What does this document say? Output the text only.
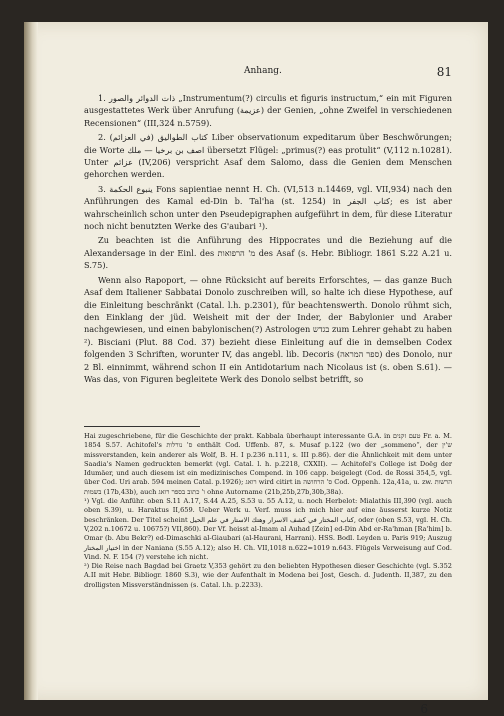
Anhang.	81

1. ذات الدوائر والصور „Instrumentum(?) circulis et figuris instructum,“ ein mit Figuren ausgestattetes Werk über Anrufung (عزيمة) der Genien, „ohne Zweifel in verschiedenen Recensionen“ (III,324 n.5759).

2. كتاب الطواليق (في العزائم) Liber observationum expeditarum über Beschwörungen; die Worte اصف بن برخيا — ملك übersetzt Flügel: „primus(?) eas protulit“ (V,112 n.10281). Unter عزائم (IV,206) verspricht Asaf dem Salomo, dass die Genien dem Menschen gehorchen werden.

3. ينبوع الحكمة Fons sapientiae nennt H. Ch. (VI,513 n.14469, vgl. VII,934) nach den Anführungen des Kamal ed-Din b. Tal'ha (st. 1254) in كتاب الجفر; es ist aber wahrscheinlich schon unter den Pseudepigraphen aufgeführt in dem, für diese Literatur noch nicht benutzten Werke des G'aubari ¹).

Zu beachten ist die Anführung des Hippocrates und die Beziehung auf die Alexandersage in der Einl. des מ' הרפואות des Asaf (s. Hebr. Bibliogr. 1861 S.22 A.21 u. S.75).

Wenn also Rapoport, — ohne Rücksicht auf bereits Erforschtes, — das ganze Buch Asaf dem Italiener Sabbatai Donolo zuschreiben will, so halte ich diese Hypothese, auf die Einleitung beschränkt (Catal. l.h. p.2301), für beachtenswerth. Donolo rühmt sich, den Einklang der jüd. Weisheit mit der der Inder, der Babylonier und Araber nachgewiesen, und einen babylonischen(?) Astrologen בגדש zum Lehrer gehabt zu haben ²). Bisciani (Plut. 88 Cod. 37) bezieht diese Einleitung auf die in demselben Codex folgenden 3 Schriften, worunter IV, das angebl. lib. Decoris (ספר המראה) des Donolo, nur 2 Bl. einnimmt, während schon II ein Antidotarium nach Nicolaus ist (s. oben S.61). — Was das, von Figuren begleitete Werk des Donolo selbst betrifft, so

Hai zugeschriebene, für die Geschichte der prakt. Kabbala überhaupt interessante G.A. in טעם זקנים Fr. a. M. 1854 S.57. Achitofel's ס' נורלות enthält Cod. Uffenb. 87, s. Musaf p.122 (wo der „sommeno“, der ש'ין missverstanden, kein anderer als Wolf, B. H. I p.236 n.111, s. III p.86). der die Ähnlichkeit mit dem unter Saadia's Namen gedruckten bemerkt (vgl. Catal. l. h. p.2218, CXXII). — Achitofel's College ist Doëg der Idumäer, und auch diesem ist ein medizinisches Compend. in 106 capp. beigelegt (Cod. de Rossi 354,5, vgl. über Cod. Uri arab. 594 meinen Catal. p.1926); רואג wird citirt in ס' הרחושה Cod. Oppenh. 12a,41a, u. zw. הרשות בשמות (17b,43b), auch ו' כתוב בספר רואג ohne Autorname (21b,25b,27b,30b,38a).

¹) Vgl. die Anführ. oben S.11 A.17, S.44 A.25, S.53 u. 55 A.12, u. noch Herbelot: Mialathis III,390 (vgl. auch oben S.39), u. Haraktus II,659. Ueber Werk u. Verf. muss ich mich hier auf eine äusserst kurze Notiz beschränken. Der Titel scheint كتاب المختار في كشف الاسرار وهتك الاستار في علم الحيل, oder (oben S.53, vgl. H. Ch. V,202 n.10672 u. 10675?) VII,860). Der Vf. heisst al-Imam al Auhad [Zein] ed-Din Abd er-Ra'hman [Ra'him] b. Omar (b. Abu Bekr?) ed-Dimaschki al-Giaubari (al-Haurani, Harrani). HSS. Bodl. Leyden u. Paris 919; Auszug اختيار المختار in der Naniana (S.55 A.12); also H. Ch. VII,1018 n.622=1019 n.643. Flügels Verweisung auf Cod. Vind. N. F. 154 (?) verstehe ich nicht.

²) Die Reise nach Bagdad bei Graetz V,353 gehört zu den beliebten Hypothesen dieser Geschichte (vgl. S.352 A.II mit Hebr. Bibliogr. 1860 S.3), wie der Aufenthalt in Modena bei Jost, Gesch. d. Judenth. II,387, zu den drolligsten Missverständnissen (s. Catal. l.h. p.2233).

6
